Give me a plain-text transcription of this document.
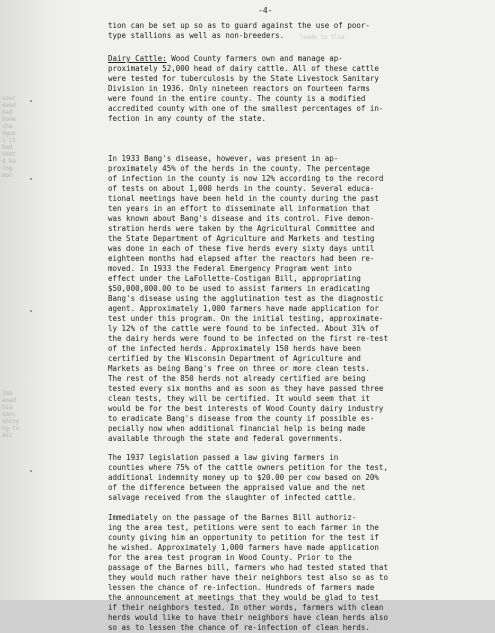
cour
eved
bad
bone
cha
Ague
i it
bed
bent
d ba
ing
mon
ima
anad
bsa
sanc
shing
ng to
asi
leads to tlse
-4-
tion can be set up so as to guard against the use of poor-
type stallions as well as non-breeders.
Dairy Cattle: Wood County farmers own and manage ap-
proximately 52,000 head of dairy cattle. All of these cattle
were tested for tuberculosis by the State Livestock Sanitary
Division in 1936. Only nineteen reactors on fourteen farms
were found in the entire county. The county is a modified
accredited county with one of the smallest percentages of in-
fection in any county of the state.
In 1933 Bang's disease, however, was present in ap-
proximately 45% of the herds in the county. The percentage
of infection in the county is now 12% according to the record
of tests on about 1,000 herds in the county. Several educa-
tional meetings have been held in the county during the past
ten years in an effort to disseminate all information that
was known about Bang's disease and its control. Five demon-
stration herds were taken by the Agricultural Committee and
the State Department of Agriculture and Markets and testing
was done in each of these five herds every sixty days until
eighteen months had elapsed after the reactors had been re-
moved. In 1933 the Federal Emergency Program went into
effect under the LaFollette-Costigan Bill, appropriating
$50,000,000.00 to be used to assist farmers in eradicating
Bang's disease using the agglutination test as the diagnostic
agent. Approximately 1,000 farmers have made application for
test under this program. On the initial testing, approximate-
ly 12% of the cattle were found to be infected. About 31% of
the dairy herds were found to be infected on the first re-test
of the infected herds. Approximately 150 herds have been
certified by the Wisconsin Department of Agriculture and
Markets as being Bang's free on three or more clean tests.
The rest of the 850 herds not already certified are being
tested every six months and as soon as they have passed three
clean tests, they will be certified. It would seem that it
would be for the best interests of Wood County dairy industry
to eradicate Bang's disease from the county if possible es-
pecially now when additional financial help is being made
available through the state and federal governments.
The 1937 legislation passed a law giving farmers in
counties where 75% of the cattle owners petition for the test,
additional indemnity money up to $20.00 per cow based on 20%
of the difference between the appraised value and the net
salvage received from the slaughter of infected cattle.
Immediately on the passage of the Barnes Bill authoriz-
ing the area test, petitions were sent to each farmer in the
county giving him an opportunity to petition for the test if
he wished. Approximately 1,000 farmers have made application
for the area test program in Wood County. Prior to the
passage of the Barnes bill, farmers who had tested stated that
they would much rather have their neighbors test also so as to
lessen the chance of re-infection. Hundreds of farmers made
the announcement at meetings that they would be glad to test
if their neighbors tested. In other words, farmers with clean
herds would like to have their neighbors have clean herds also
so as to lessen the chance of re-infection of clean herds.
